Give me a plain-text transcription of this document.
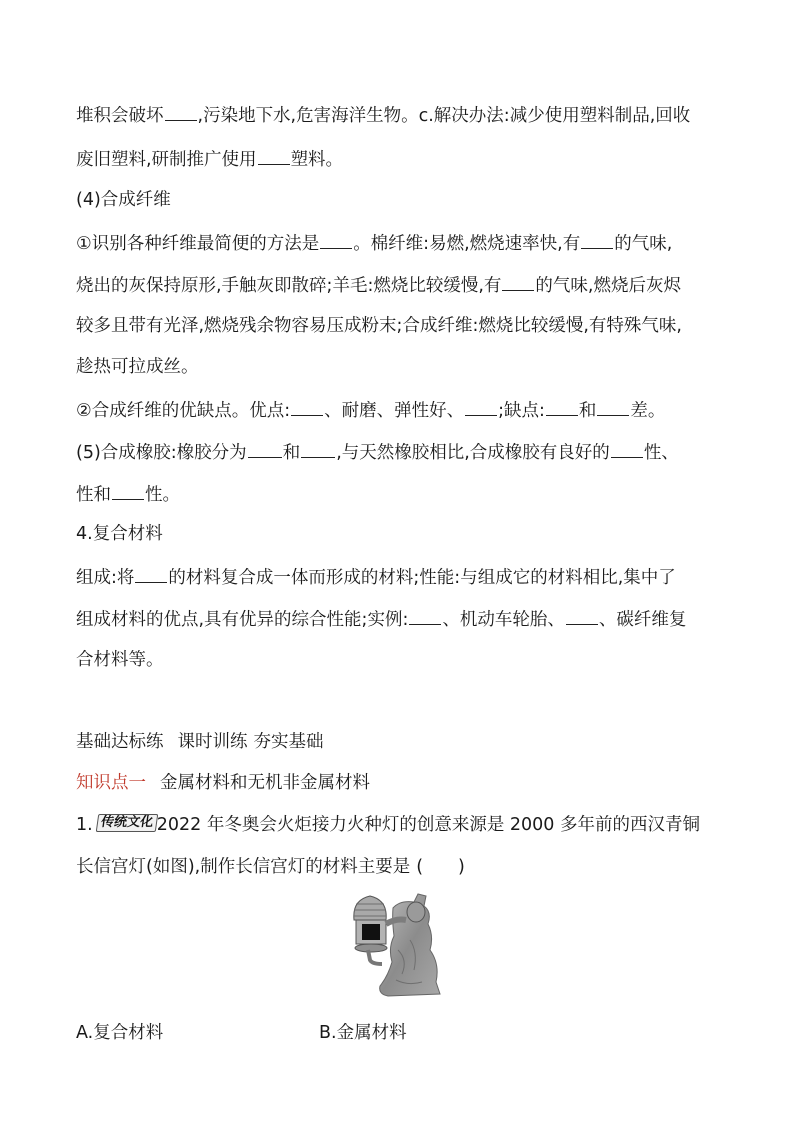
堆积会破坏 ,污染地下水,危害海洋生物。c.解决办法:减少使用塑料制品,回收
废旧塑料,研制推广使用 塑料。
(4)合成纤维
①识别各种纤维最简便的方法是 。棉纤维:易燃,燃烧速率快,有 的气味,
烧出的灰保持原形,手触灰即散碎;羊毛:燃烧比较缓慢,有 的气味,燃烧后灰烬
较多且带有光泽,燃烧残余物容易压成粉末;合成纤维:燃烧比较缓慢,有特殊气味,
趁热可拉成丝。
②合成纤维的优缺点。优点: 、耐磨、弹性好、 ;缺点: 和 差。
(5)合成橡胶:橡胶分为 和 ,与天然橡胶相比,合成橡胶有良好的 性、
性和 性。
4.复合材料
组成:将 的材料复合成一体而形成的材料;性能:与组成它的材料相比,集中了
组成材料的优点,具有优异的综合性能;实例: 、机动车轮胎、 、碳纤维复
合材料等。
基础达标练 课时训练 夯实基础
知识点一 金属材料和无机非金属材料
1. 传统文化 2022 年冬奥会火炬接力火种灯的创意来源是 2000 多年前的西汉青铜
长信宫灯(如图),制作长信宫灯的材料主要是 (　　)
A.复合材料	B.金属材料
